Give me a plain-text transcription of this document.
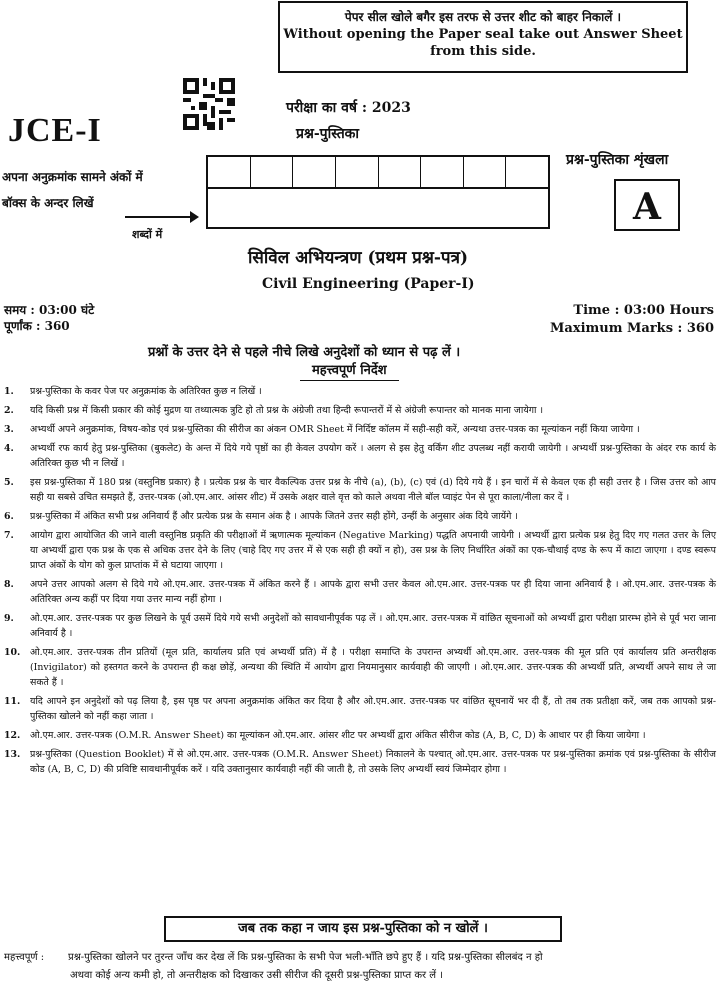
पेपर सील खोले बगैर इस तरफ से उत्तर शीट को बाहर निकालें ।
Without opening the Paper seal take out Answer Sheet
from this side.
JCE-I
परीक्षा का वर्ष : 2023
प्रश्न-पुस्तिका
प्रश्न-पुस्तिका शृंखला
A
अपना अनुक्रमांक सामने अंकों में
बॉक्स के अन्दर लिखें
शब्दों में
सिविल अभियन्त्रण (प्रथम प्रश्न-पत्र)
Civil Engineering (Paper-I)
समय : 03:00 घंटे
पूर्णांक : 360
Time : 03:00 Hours
Maximum Marks : 360
प्रश्नों के उत्तर देने से पहले नीचे लिखे अनुदेशों को ध्यान से पढ़ लें ।
महत्त्वपूर्ण निर्देश
1. प्रश्न-पुस्तिका के कवर पेज पर अनुक्रमांक के अतिरिक्त कुछ न लिखें ।
2. यदि किसी प्रश्न में किसी प्रकार की कोई मुद्रण या तथ्यात्मक त्रुटि हो तो प्रश्न के अंग्रेजी तथा हिन्दी रूपान्तरों में से अंग्रेजी रूपान्तर को मानक माना जायेगा ।
3. अभ्यर्थी अपने अनुक्रमांक, विषय-कोड एवं प्रश्न-पुस्तिका की सीरीज का अंकन OMR Sheet में निर्दिष्ट कॉलम में सही-सही करें, अन्यथा उत्तर-पत्रक का मूल्यांकन नहीं किया जायेगा ।
4. अभ्यर्थी रफ कार्य हेतु प्रश्न-पुस्तिका (बुकलेट) के अन्त में दिये गये पृष्ठों का ही केवल उपयोग करें । अलग से इस हेतु वर्किंग शीट उपलब्ध नहीं करायी जायेगी । अभ्यर्थी प्रश्न-पुस्तिका के अंदर रफ कार्य के अतिरिक्त कुछ भी न लिखें ।
5. इस प्रश्न-पुस्तिका में 180 प्रश्न (वस्तुनिष्ठ प्रकार) है । प्रत्येक प्रश्न के चार वैकल्पिक उत्तर प्रश्न के नीचे (a), (b), (c) एवं (d) दिये गये हैं । इन चारों में से केवल एक ही सही उत्तर है । जिस उत्तर को आप सही या सबसे उचित समझते हैं, उत्तर-पत्रक (ओ.एम.आर. आंसर शीट) में उसके अक्षर वाले वृत्त को काले अथवा नीले बॉल प्वाइंट पेन से पूरा काला/नीला कर दें ।
6. प्रश्न-पुस्तिका में अंकित सभी प्रश्न अनिवार्य हैं और प्रत्येक प्रश्न के समान अंक है । आपके जितने उत्तर सही होंगे, उन्हीं के अनुसार अंक दिये जायेंगे ।
7. आयोग द्वारा आयोजित की जाने वाली वस्तुनिष्ठ प्रकृति की परीक्षाओं में ऋणात्मक मूल्यांकन (Negative Marking) पद्धति अपनायी जायेगी । अभ्यर्थी द्वारा प्रत्येक प्रश्न हेतु दिए गए गलत उत्तर के लिए या अभ्यर्थी द्वारा एक प्रश्न के एक से अधिक उत्तर देने के लिए (चाहे दिए गए उत्तर में से एक सही ही क्यों न हो), उस प्रश्न के लिए निर्धारित अंकों का एक-चौथाई दण्ड के रूप में काटा जाएगा । दण्ड स्वरूप प्राप्त अंकों के योग को कुल प्राप्तांक में से घटाया जाएगा ।
8. अपने उत्तर आपको अलग से दिये गये ओ.एम.आर. उत्तर-पत्रक में अंकित करने हैं । आपके द्वारा सभी उत्तर केवल ओ.एम.आर. उत्तर-पत्रक पर ही दिया जाना अनिवार्य है । ओ.एम.आर. उत्तर-पत्रक के अतिरिक्त अन्य कहीं पर दिया गया उत्तर मान्य नहीं होगा ।
9. ओ.एम.आर. उत्तर-पत्रक पर कुछ लिखने के पूर्व उसमें दिये गये सभी अनुदेशों को सावधानीपूर्वक पढ़ लें । ओ.एम.आर. उत्तर-पत्रक में वांछित सूचनाओं को अभ्यर्थी द्वारा परीक्षा प्रारम्भ होने से पूर्व भरा जाना अनिवार्य है ।
10. ओ.एम.आर. उत्तर-पत्रक तीन प्रतियों (मूल प्रति, कार्यालय प्रति एवं अभ्यर्थी प्रति) में है । परीक्षा समाप्ति के उपरान्त अभ्यर्थी ओ.एम.आर. उत्तर-पत्रक की मूल प्रति एवं कार्यालय प्रति अन्तरीक्षक (Invigilator) को हस्तगत करने के उपरान्त ही कक्ष छोड़ें, अन्यथा की स्थिति में आयोग द्वारा नियमानुसार कार्यवाही की जाएगी । ओ.एम.आर. उत्तर-पत्रक की अभ्यर्थी प्रति, अभ्यर्थी अपने साथ ले जा सकते हैं ।
11. यदि आपने इन अनुदेशों को पढ़ लिया है, इस पृष्ठ पर अपना अनुक्रमांक अंकित कर दिया है और ओ.एम.आर. उत्तर-पत्रक पर वांछित सूचनायें भर दी हैं, तो तब तक प्रतीक्षा करें, जब तक आपको प्रश्न-पुस्तिका खोलने को नहीं कहा जाता ।
12. ओ.एम.आर. उत्तर-पत्रक (O.M.R. Answer Sheet) का मूल्यांकन ओ.एम.आर. आंसर शीट पर अभ्यर्थी द्वारा अंकित सीरीज कोड (A, B, C, D) के आधार पर ही किया जायेगा ।
13. प्रश्न-पुस्तिका (Question Booklet) में से ओ.एम.आर. उत्तर-पत्रक (O.M.R. Answer Sheet) निकालने के पश्चात् ओ.एम.आर. उत्तर-पत्रक पर प्रश्न-पुस्तिका क्रमांक एवं प्रश्न-पुस्तिका के सीरीज कोड (A, B, C, D) की प्रविष्टि सावधानीपूर्वक करें । यदि उक्तानुसार कार्यवाही नहीं की जाती है, तो उसके लिए अभ्यर्थी स्वयं जिम्मेदार होगा ।
जब तक कहा न जाय इस प्रश्न-पुस्तिका को न खोलें ।
महत्त्वपूर्ण : प्रश्न-पुस्तिका खोलने पर तुरन्त जाँच कर देख लें कि प्रश्न-पुस्तिका के सभी पेज भली-भाँति छपे हुए हैं । यदि प्रश्न-पुस्तिका सीलबंद न हो
अथवा कोई अन्य कमी हो, तो अन्तरीक्षक को दिखाकर उसी सीरीज की दूसरी प्रश्न-पुस्तिका प्राप्त कर लें ।
